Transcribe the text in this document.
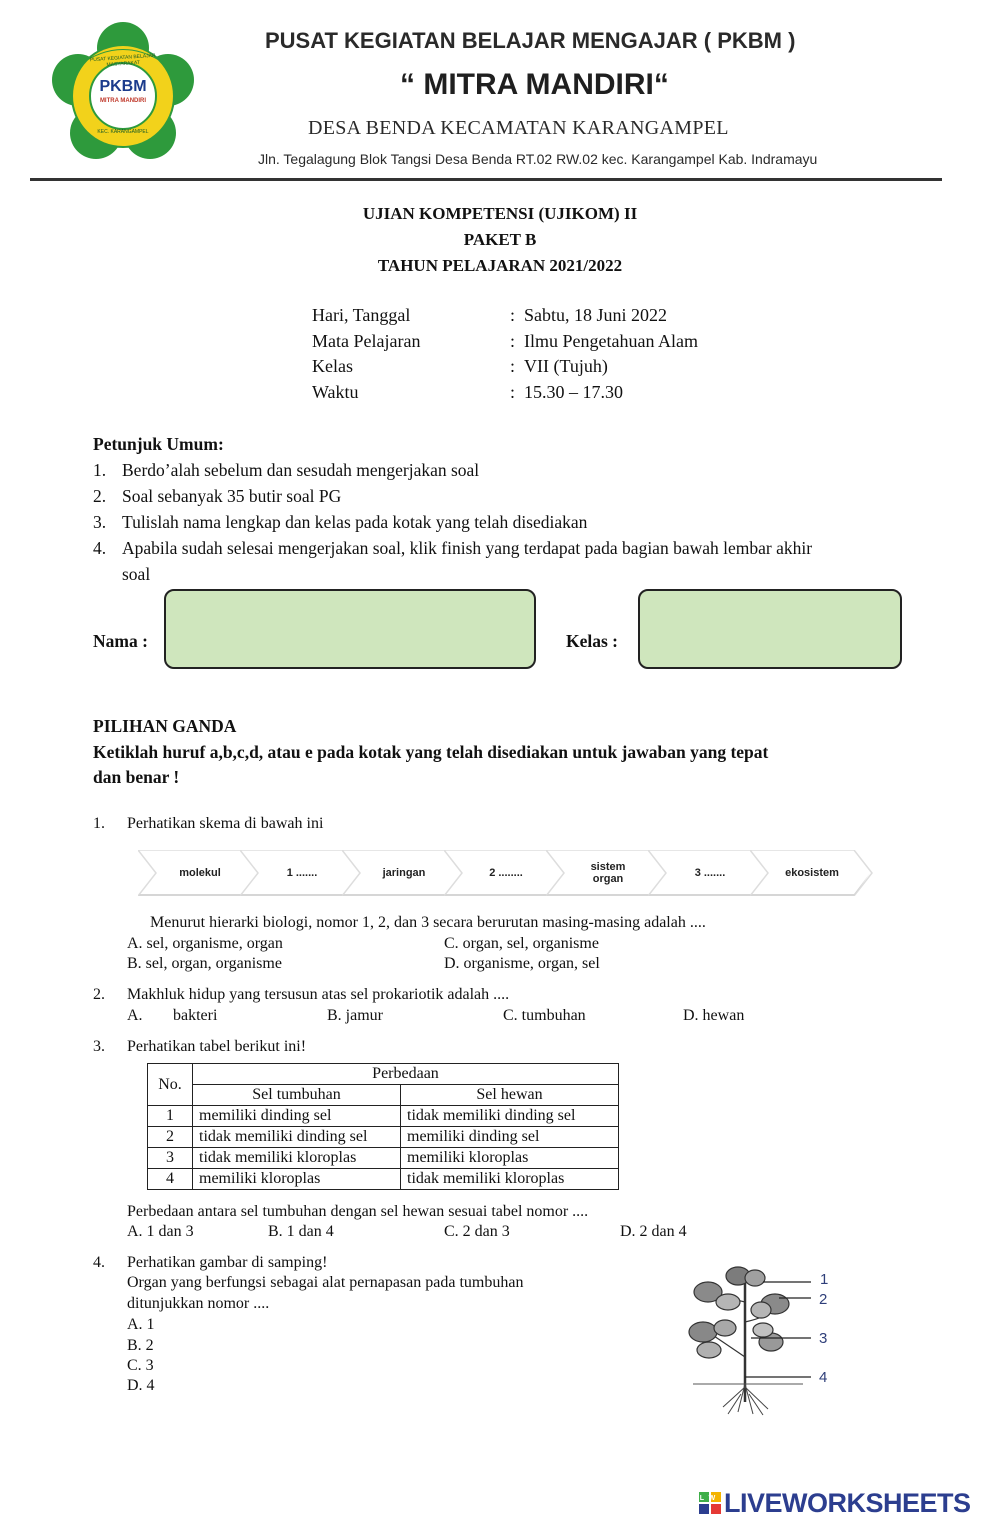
PKBM
MITRA MANDIRI
PUSAT KEGIATAN BELAJAR MASYARAKAT
KEC. KARANGAMPEL
PUSAT KEGIATAN BELAJAR MENGAJAR ( PKBM )
“ MITRA MANDIRI“
DESA BENDA KECAMATAN KARANGAMPEL
Jln. Tegalagung Blok Tangsi Desa Benda RT.02 RW.02 kec. Karangampel Kab. Indramayu
UJIAN KOMPETENSI (UJIKOM) II
PAKET B
TAHUN PELAJARAN 2021/2022
Hari, Tanggal	: Sabtu, 18 Juni 2022
Mata Pelajaran	: Ilmu Pengetahuan Alam
Kelas	: VII (Tujuh)
Waktu	: 15.30 – 17.30
Petunjuk Umum:
1. Berdo’alah sebelum dan sesudah mengerjakan soal
2. Soal sebanyak 35 butir soal PG
3. Tulislah nama lengkap dan kelas pada kotak yang telah disediakan
4. Apabila sudah selesai mengerjakan soal, klik finish yang terdapat pada bagian bawah lembar akhir
soal
Nama :	Kelas :
PILIHAN GANDA
Ketiklah huruf a,b,c,d, atau e pada kotak yang telah disediakan untuk jawaban yang tepat
dan benar !
1. Perhatikan skema di bawah ini
molekul	1 .......	jaringan	2 ........	sistem organ	3 .......	ekosistem
Menurut hierarki biologi, nomor 1, 2, dan 3 secara berurutan masing-masing adalah ....
A. sel, organisme, organ	C. organ, sel, organisme
B. sel, organ, organisme	D. organisme, organ, sel
2. Makhluk hidup yang tersusun atas sel prokariotik adalah ....
A. bakteri	B. jamur	C. tumbuhan	D. hewan
3. Perhatikan tabel berikut ini!
No.	Perbedaan	
	Sel tumbuhan	Sel hewan
1	memiliki dinding sel	tidak memiliki dinding sel
2	tidak memiliki dinding sel	memiliki dinding sel
3	tidak memiliki kloroplas	memiliki kloroplas
4	memiliki kloroplas	tidak memiliki kloroplas
Perbedaan antara sel tumbuhan dengan sel hewan sesuai tabel nomor ....
A. 1 dan 3	B. 1 dan 4	C. 2 dan 3	D. 2 dan 4
4. Perhatikan gambar di samping!
Organ yang berfungsi sebagai alat pernapasan pada tumbuhan
ditunjukkan nomor ....
A. 1
B. 2
C. 3
D. 4
1
2
3
4
LW LIVEWORKSHEETS
